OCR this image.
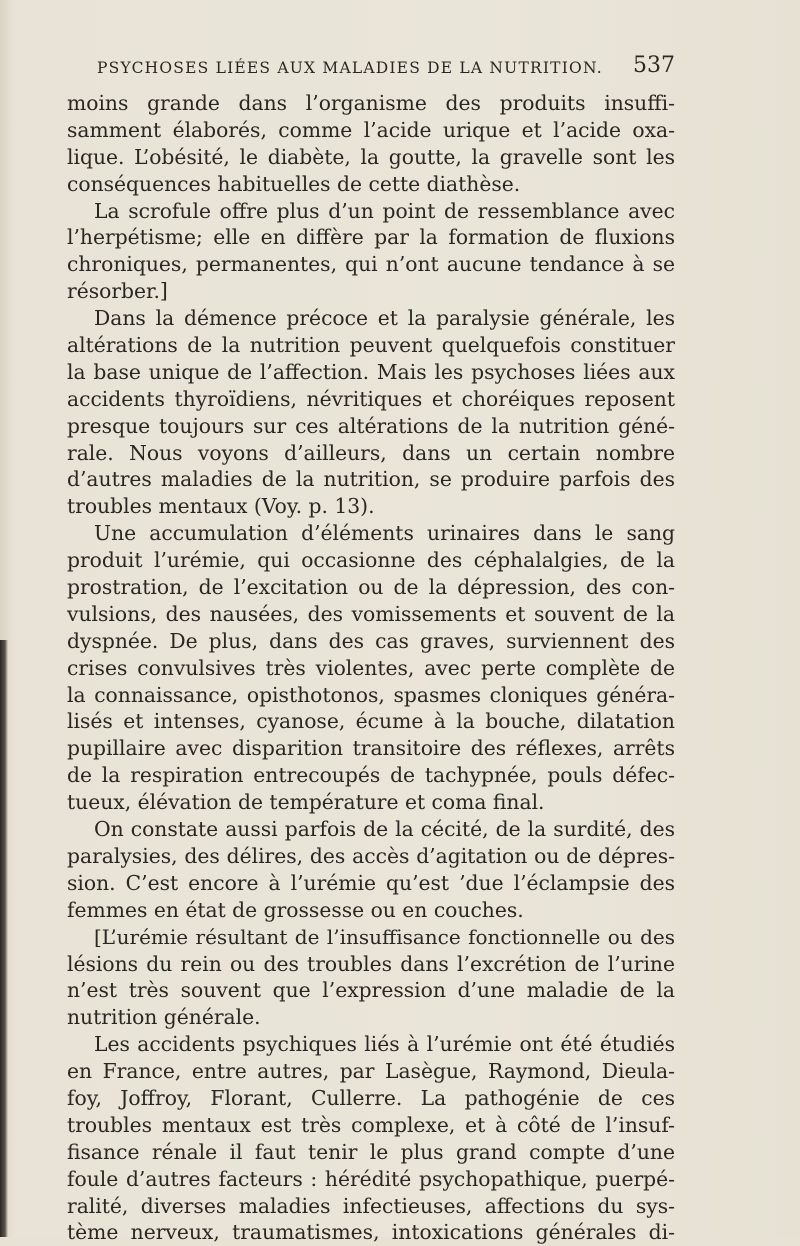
PSYCHOSES LIÉES AUX MALADIES DE LA NUTRITION. 537
moins grande dans l’organisme des produits insuffi-
samment élaborés, comme l’acide urique et l’acide oxa-
lique. L’obésité, le diabète, la goutte, la gravelle sont les
conséquences habituelles de cette diathèse.
La scrofule offre plus d’un point de ressemblance avec
l’herpétisme; elle en diffère par la formation de fluxions
chroniques, permanentes, qui n’ont aucune tendance à se
résorber.]
Dans la démence précoce et la paralysie générale, les
altérations de la nutrition peuvent quelquefois constituer
la base unique de l’affection. Mais les psychoses liées aux
accidents thyroïdiens, névritiques et choréiques reposent
presque toujours sur ces altérations de la nutrition géné-
rale. Nous voyons d’ailleurs, dans un certain nombre
d’autres maladies de la nutrition, se produire parfois des
troubles mentaux (Voy. p. 13).
Une accumulation d’éléments urinaires dans le sang
produit l’urémie, qui occasionne des céphalalgies, de la
prostration, de l’excitation ou de la dépression, des con-
vulsions, des nausées, des vomissements et souvent de la
dyspnée. De plus, dans des cas graves, surviennent des
crises convulsives très violentes, avec perte complète de
la connaissance, opisthotonos, spasmes cloniques généra-
lisés et intenses, cyanose, écume à la bouche, dilatation
pupillaire avec disparition transitoire des réflexes, arrêts
de la respiration entrecoupés de tachypnée, pouls défec-
tueux, élévation de température et coma final.
On constate aussi parfois de la cécité, de la surdité, des
paralysies, des délires, des accès d’agitation ou de dépres-
sion. C’est encore à l’urémie qu’est ’due l’éclampsie des
femmes en état de grossesse ou en couches.
[L’urémie résultant de l’insuffisance fonctionnelle ou des
lésions du rein ou des troubles dans l’excrétion de l’urine
n’est très souvent que l’expression d’une maladie de la
nutrition générale.
Les accidents psychiques liés à l’urémie ont été étudiés
en France, entre autres, par Lasègue, Raymond, Dieula-
foy, Joffroy, Florant, Cullerre. La pathogénie de ces
troubles mentaux est très complexe, et à côté de l’insuf-
fisance rénale il faut tenir le plus grand compte d’une
foule d’autres facteurs : hérédité psychopathique, puerpé-
ralité, diverses maladies infectieuses, affections du sys-
tème nerveux, traumatismes, intoxications générales di-
